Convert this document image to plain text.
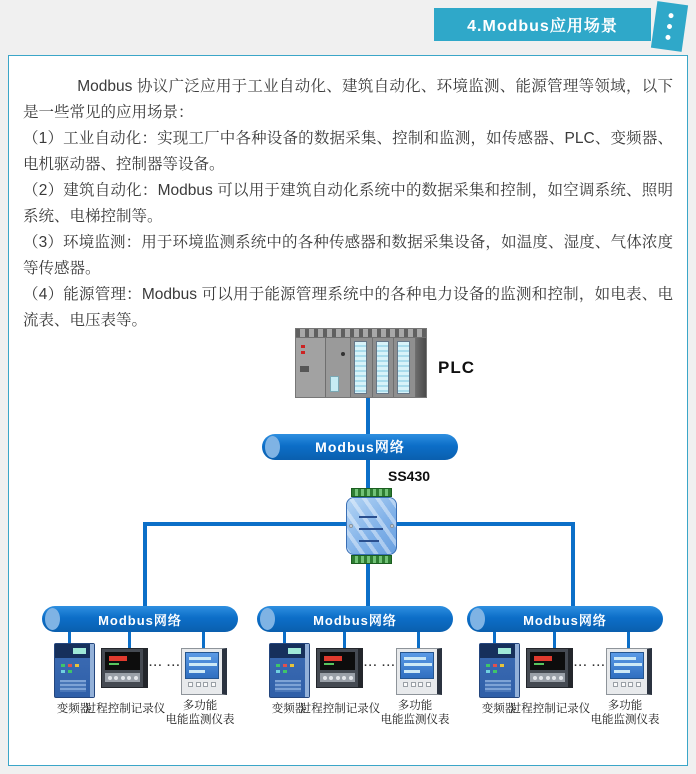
4.Modbus应用场景

Modbus 协议广泛应用于工业自动化、建筑自动化、环境监测、能源管理等领域，以下是一些常见的应用场景：

（1）工业自动化：实现工厂中各种设备的数据采集、控制和监测，如传感器、PLC、变频器、电机驱动器、控制器等设备。

（2）建筑自动化：Modbus 可以用于建筑自动化系统中的数据采集和控制，如空调系统、照明系统、电梯控制等。

（3）环境监测：用于环境监测系统中的各种传感器和数据采集设备，如温度、湿度、气体浓度等传感器。

（4）能源管理：Modbus 可以用于能源管理系统中的各种电力设备的监测和控制，如电表、电流表、电压表等。

PLC
Modbus网络
SS430
Modbus网络
··· ···
变频器
过程控制记录仪	多功能
电能监测仪表
Modbus网络
··· ···
变频器
过程控制记录仪	多功能
电能监测仪表
Modbus网络
··· ···
变频器
过程控制记录仪	多功能
电能监测仪表
